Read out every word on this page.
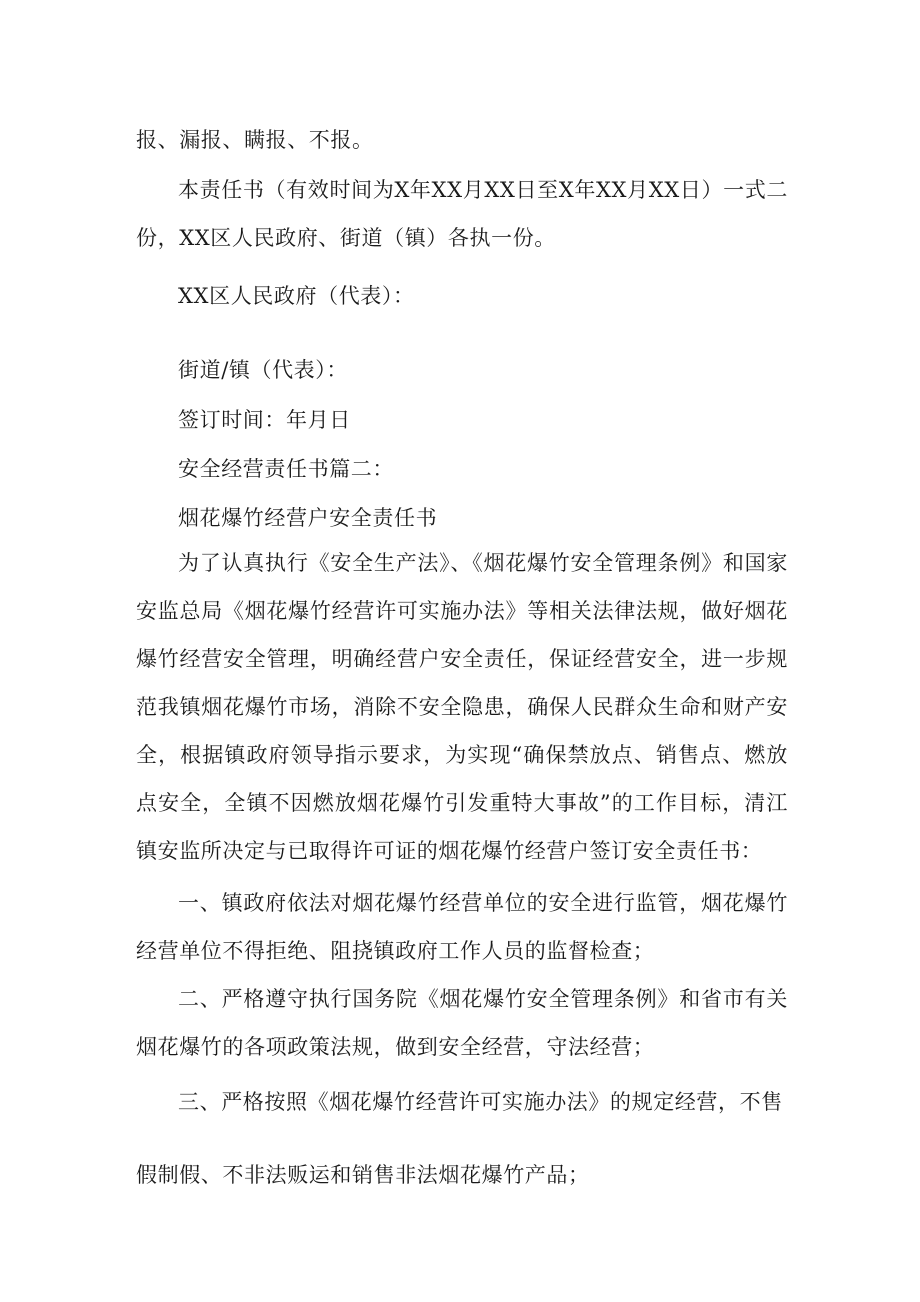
报、漏报、瞒报、不报。

本责任书（有效时间为X年XX月XX日至X年XX月XX日）一式二份，XX区人民政府、街道（镇）各执一份。

XX区人民政府（代表）：

街道/镇（代表）：

签订时间：年月日

安全经营责任书篇二：

烟花爆竹经营户安全责任书

为了认真执行《安全生产法》、《烟花爆竹安全管理条例》和国家安监总局《烟花爆竹经营许可实施办法》等相关法律法规，做好烟花爆竹经营安全管理，明确经营户安全责任，保证经营安全，进一步规范我镇烟花爆竹市场，消除不安全隐患，确保人民群众生命和财产安全，根据镇政府领导指示要求，为实现“确保禁放点、销售点、燃放点安全，全镇不因燃放烟花爆竹引发重特大事故”的工作目标，清江镇安监所决定与已取得许可证的烟花爆竹经营户签订安全责任书：

一、镇政府依法对烟花爆竹经营单位的安全进行监管，烟花爆竹经营单位不得拒绝、阻挠镇政府工作人员的监督检查；

二、严格遵守执行国务院《烟花爆竹安全管理条例》和省市有关烟花爆竹的各项政策法规，做到安全经营，守法经营；

三、严格按照《烟花爆竹经营许可实施办法》的规定经营，不售

假制假、不非法贩运和销售非法烟花爆竹产品；
